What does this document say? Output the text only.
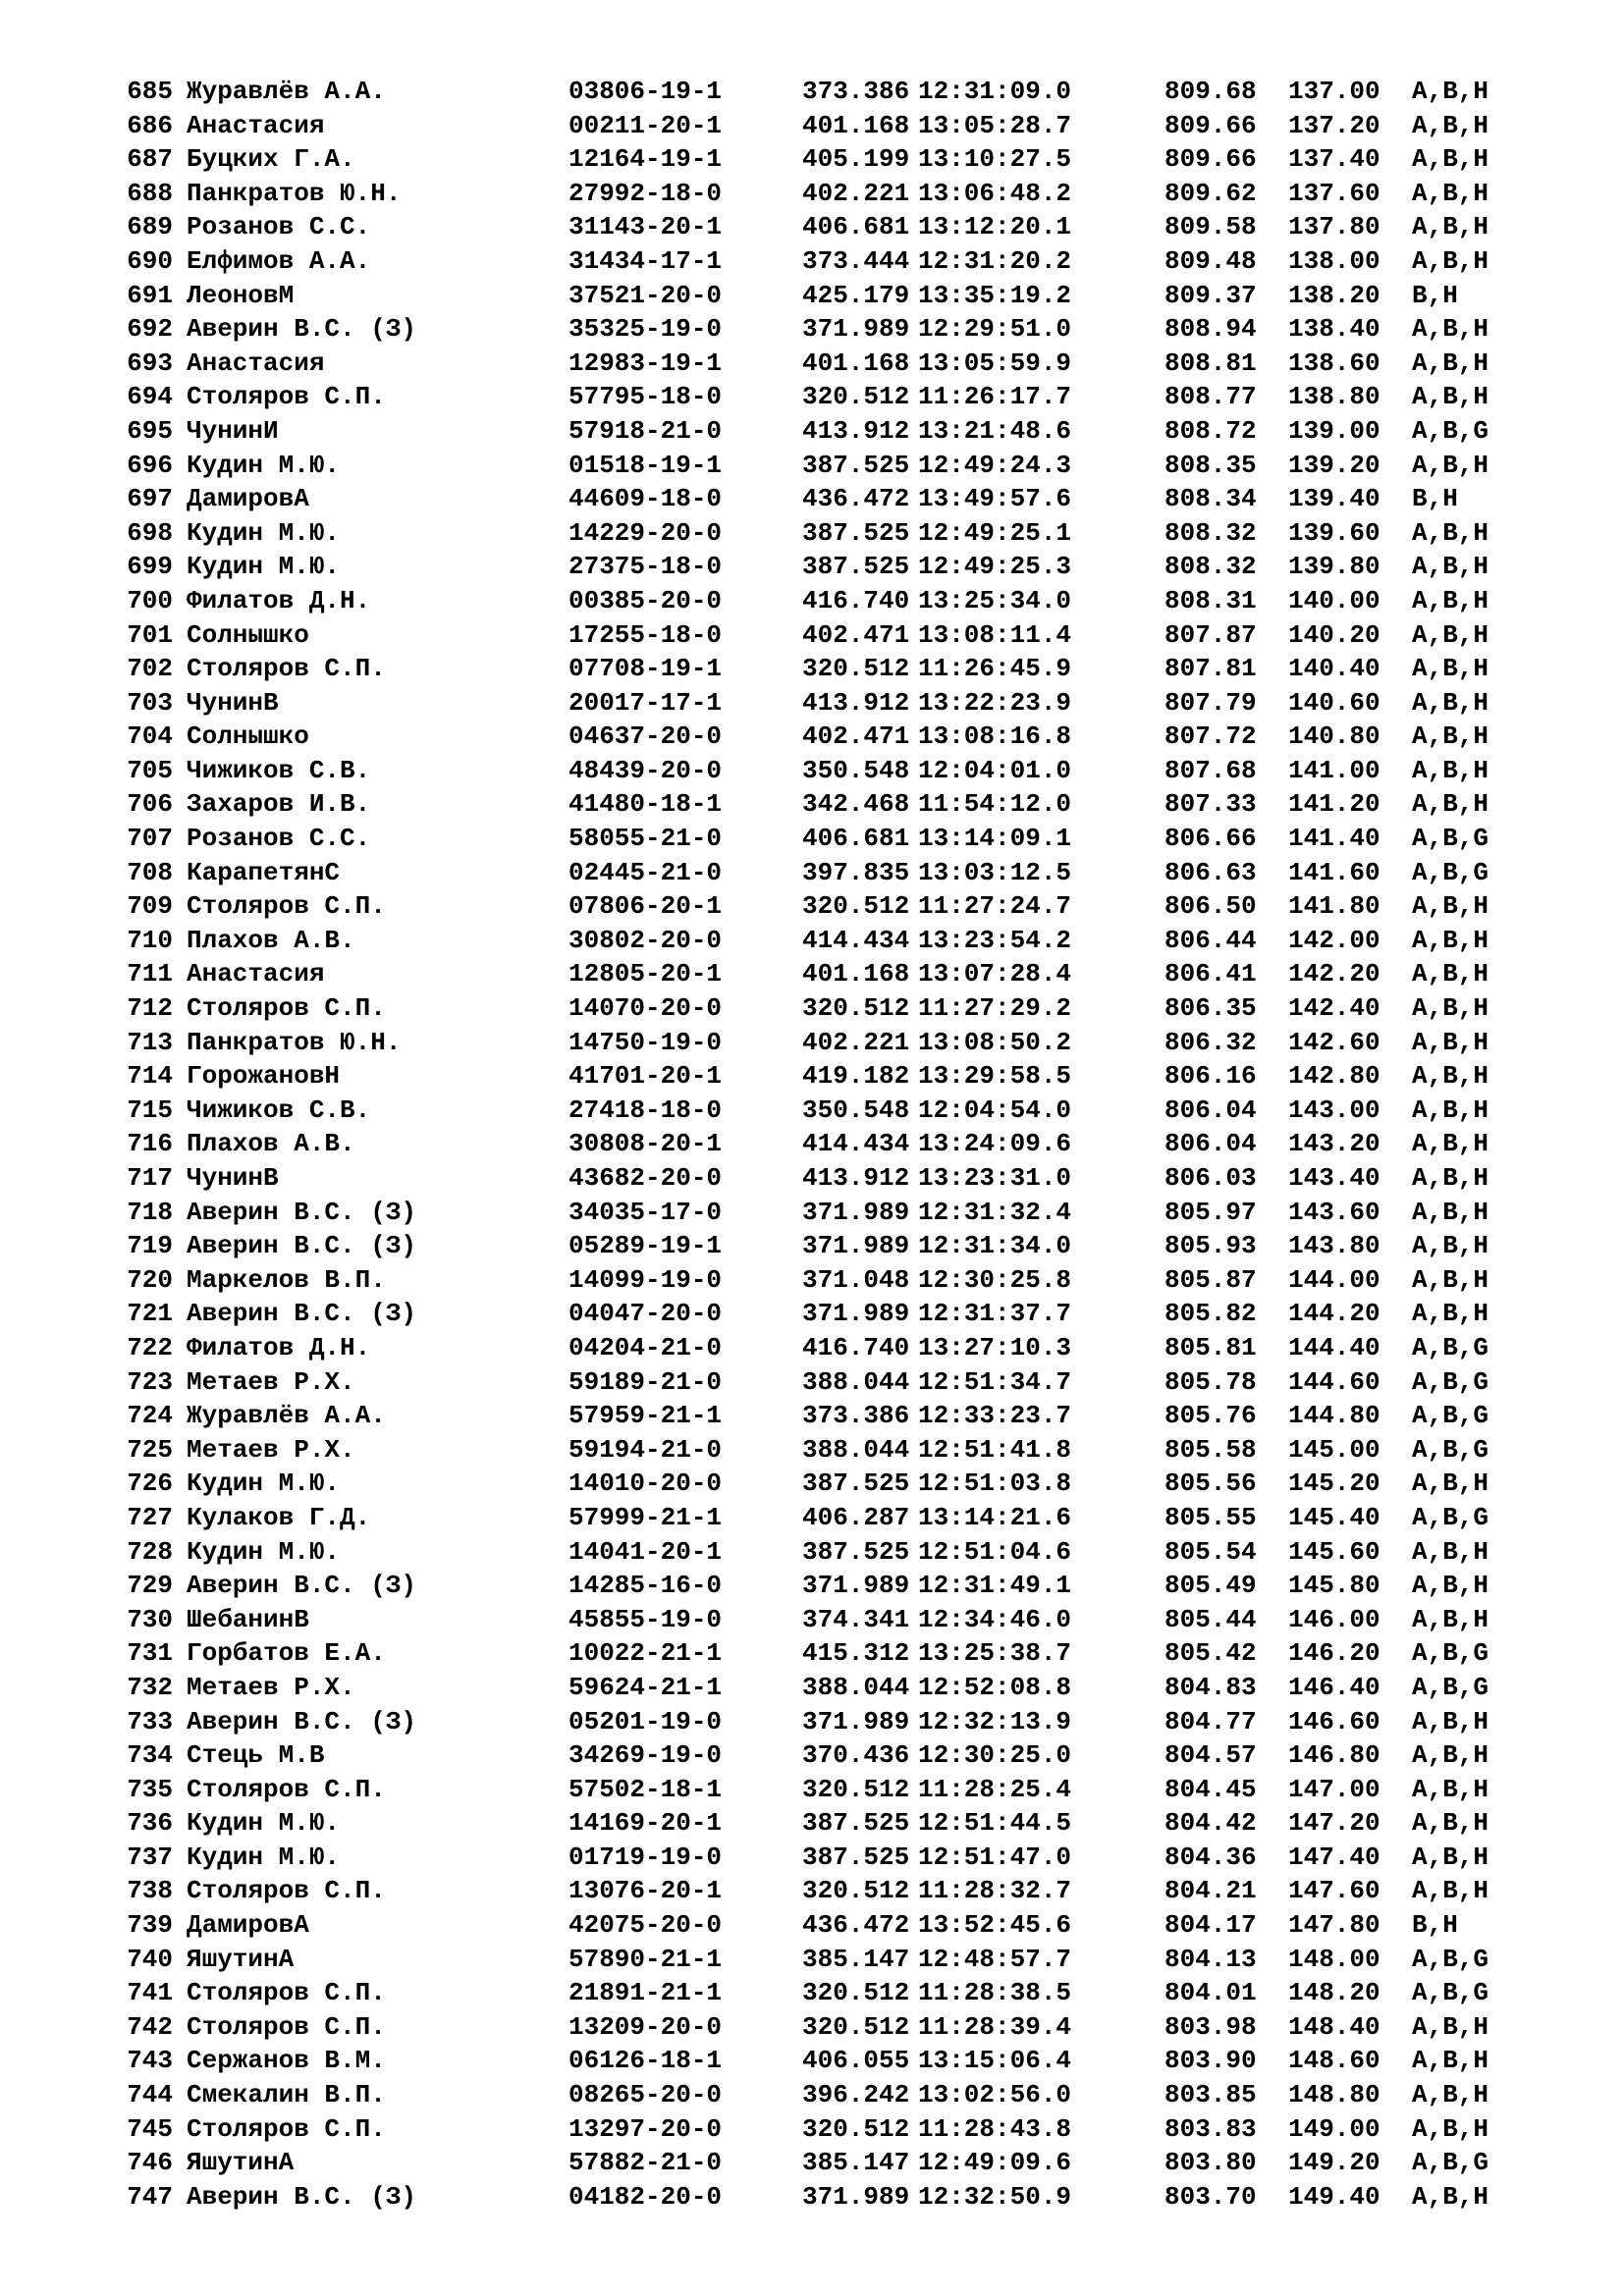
685 Журавлёв А.А.	03806-19-1	373.386 12:31:09.0	809.68 137.00 A,B,H
686 Анастасия	00211-20-1	401.168 13:05:28.7	809.66 137.20 A,B,H
687 Буцких Г.А.	12164-19-1	405.199 13:10:27.5	809.66 137.40 A,B,H
688 Панкратов Ю.Н.	27992-18-0	402.221 13:06:48.2	809.62 137.60 A,B,H
689 Розанов С.С.	31143-20-1	406.681 13:12:20.1	809.58 137.80 A,B,H
690 Елфимов А.А.	31434-17-1	373.444 12:31:20.2	809.48 138.00 A,B,H
691 ЛеоновМ	37521-20-0	425.179 13:35:19.2	809.37 138.20 B,H
692 Аверин В.С. (З)	35325-19-0	371.989 12:29:51.0	808.94 138.40 A,B,H
693 Анастасия	12983-19-1	401.168 13:05:59.9	808.81 138.60 A,B,H
694 Столяров С.П.	57795-18-0	320.512 11:26:17.7	808.77 138.80 A,B,H
695 ЧунинИ	57918-21-0	413.912 13:21:48.6	808.72 139.00 A,B,G
696 Кудин М.Ю.	01518-19-1	387.525 12:49:24.3	808.35 139.20 A,B,H
697 ДамировА	44609-18-0	436.472 13:49:57.6	808.34 139.40 B,H
698 Кудин М.Ю.	14229-20-0	387.525 12:49:25.1	808.32 139.60 A,B,H
699 Кудин М.Ю.	27375-18-0	387.525 12:49:25.3	808.32 139.80 A,B,H
700 Филатов Д.Н.	00385-20-0	416.740 13:25:34.0	808.31 140.00 A,B,H
701 Солнышко	17255-18-0	402.471 13:08:11.4	807.87 140.20 A,B,H
702 Столяров С.П.	07708-19-1	320.512 11:26:45.9	807.81 140.40 A,B,H
703 ЧунинВ	20017-17-1	413.912 13:22:23.9	807.79 140.60 A,B,H
704 Солнышко	04637-20-0	402.471 13:08:16.8	807.72 140.80 A,B,H
705 Чижиков С.В.	48439-20-0	350.548 12:04:01.0	807.68 141.00 A,B,H
706 Захаров И.В.	41480-18-1	342.468 11:54:12.0	807.33 141.20 A,B,H
707 Розанов С.С.	58055-21-0	406.681 13:14:09.1	806.66 141.40 A,B,G
708 КарапетянС	02445-21-0	397.835 13:03:12.5	806.63 141.60 A,B,G
709 Столяров С.П.	07806-20-1	320.512 11:27:24.7	806.50 141.80 A,B,H
710 Плахов А.В.	30802-20-0	414.434 13:23:54.2	806.44 142.00 A,B,H
711 Анастасия	12805-20-1	401.168 13:07:28.4	806.41 142.20 A,B,H
712 Столяров С.П.	14070-20-0	320.512 11:27:29.2	806.35 142.40 A,B,H
713 Панкратов Ю.Н.	14750-19-0	402.221 13:08:50.2	806.32 142.60 A,B,H
714 ГорожановН	41701-20-1	419.182 13:29:58.5	806.16 142.80 A,B,H
715 Чижиков С.В.	27418-18-0	350.548 12:04:54.0	806.04 143.00 A,B,H
716 Плахов А.В.	30808-20-1	414.434 13:24:09.6	806.04 143.20 A,B,H
717 ЧунинВ	43682-20-0	413.912 13:23:31.0	806.03 143.40 A,B,H
718 Аверин В.С. (З)	34035-17-0	371.989 12:31:32.4	805.97 143.60 A,B,H
719 Аверин В.С. (З)	05289-19-1	371.989 12:31:34.0	805.93 143.80 A,B,H
720 Маркелов В.П.	14099-19-0	371.048 12:30:25.8	805.87 144.00 A,B,H
721 Аверин В.С. (З)	04047-20-0	371.989 12:31:37.7	805.82 144.20 A,B,H
722 Филатов Д.Н.	04204-21-0	416.740 13:27:10.3	805.81 144.40 A,B,G
723 Метаев Р.Х.	59189-21-0	388.044 12:51:34.7	805.78 144.60 A,B,G
724 Журавлёв А.А.	57959-21-1	373.386 12:33:23.7	805.76 144.80 A,B,G
725 Метаев Р.Х.	59194-21-0	388.044 12:51:41.8	805.58 145.00 A,B,G
726 Кудин М.Ю.	14010-20-0	387.525 12:51:03.8	805.56 145.20 A,B,H
727 Кулаков Г.Д.	57999-21-1	406.287 13:14:21.6	805.55 145.40 A,B,G
728 Кудин М.Ю.	14041-20-1	387.525 12:51:04.6	805.54 145.60 A,B,H
729 Аверин В.С. (З)	14285-16-0	371.989 12:31:49.1	805.49 145.80 A,B,H
730 ШебанинВ	45855-19-0	374.341 12:34:46.0	805.44 146.00 A,B,H
731 Горбатов Е.А.	10022-21-1	415.312 13:25:38.7	805.42 146.20 A,B,G
732 Метаев Р.Х.	59624-21-1	388.044 12:52:08.8	804.83 146.40 A,B,G
733 Аверин В.С. (З)	05201-19-0	371.989 12:32:13.9	804.77 146.60 A,B,H
734 Стець М.В	34269-19-0	370.436 12:30:25.0	804.57 146.80 A,B,H
735 Столяров С.П.	57502-18-1	320.512 11:28:25.4	804.45 147.00 A,B,H
736 Кудин М.Ю.	14169-20-1	387.525 12:51:44.5	804.42 147.20 A,B,H
737 Кудин М.Ю.	01719-19-0	387.525 12:51:47.0	804.36 147.40 A,B,H
738 Столяров С.П.	13076-20-1	320.512 11:28:32.7	804.21 147.60 A,B,H
739 ДамировА	42075-20-0	436.472 13:52:45.6	804.17 147.80 B,H
740 ЯшутинА	57890-21-1	385.147 12:48:57.7	804.13 148.00 A,B,G
741 Столяров С.П.	21891-21-1	320.512 11:28:38.5	804.01 148.20 A,B,G
742 Столяров С.П.	13209-20-0	320.512 11:28:39.4	803.98 148.40 A,B,H
743 Сержанов В.М.	06126-18-1	406.055 13:15:06.4	803.90 148.60 A,B,H
744 Смекалин В.П.	08265-20-0	396.242 13:02:56.0	803.85 148.80 A,B,H
745 Столяров С.П.	13297-20-0	320.512 11:28:43.8	803.83 149.00 A,B,H
746 ЯшутинА	57882-21-0	385.147 12:49:09.6	803.80 149.20 A,B,G
747 Аверин В.С. (З)	04182-20-0	371.989 12:32:50.9	803.70 149.40 A,B,H
